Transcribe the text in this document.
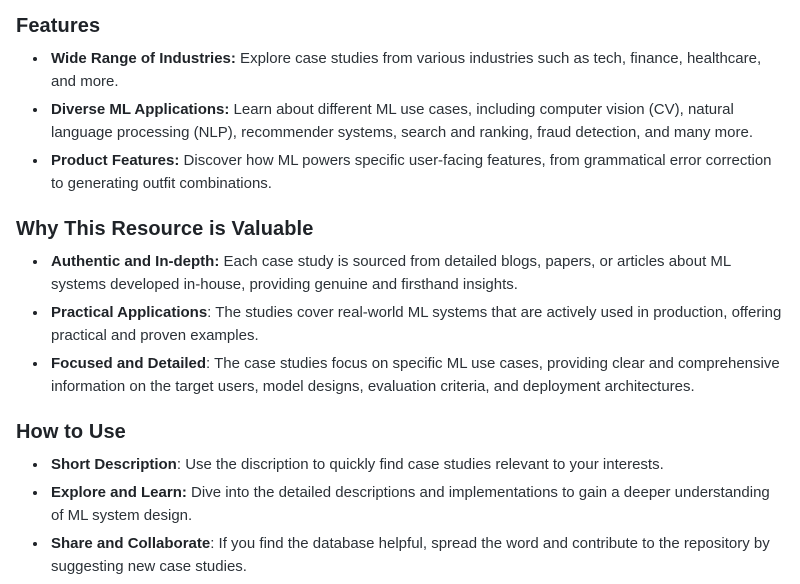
Features
• Wide Range of Industries: Explore case studies from various industries such as tech, finance, healthcare, and more.
• Diverse ML Applications: Learn about different ML use cases, including computer vision (CV), natural language processing (NLP), recommender systems, search and ranking, fraud detection, and many more.
• Product Features: Discover how ML powers specific user-facing features, from grammatical error correction to generating outfit combinations.
Why This Resource is Valuable
• Authentic and In-depth: Each case study is sourced from detailed blogs, papers, or articles about ML systems developed in-house, providing genuine and firsthand insights.
• Practical Applications: The studies cover real-world ML systems that are actively used in production, offering practical and proven examples.
• Focused and Detailed: The case studies focus on specific ML use cases, providing clear and comprehensive information on the target users, model designs, evaluation criteria, and deployment architectures.
How to Use
• Short Description: Use the discription to quickly find case studies relevant to your interests.
• Explore and Learn: Dive into the detailed descriptions and implementations to gain a deeper understanding of ML system design.
• Share and Collaborate: If you find the database helpful, spread the word and contribute to the repository by suggesting new case studies.
